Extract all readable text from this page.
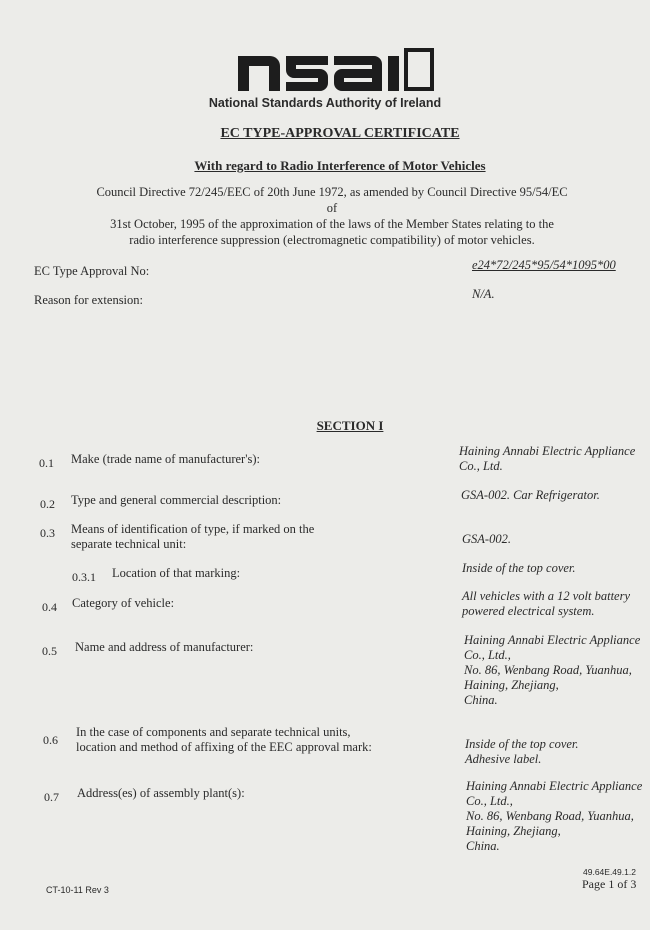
National Standards Authority of Ireland
EC TYPE-APPROVAL CERTIFICATE
With regard to Radio Interference of Motor Vehicles
Council Directive 72/245/EEC of 20th June 1972, as amended by Council Directive 95/54/EC of
31st October, 1995 of the approximation of the laws of the Member States relating to the
radio interference suppression (electromagnetic compatibility) of motor vehicles.
EC Type Approval No:	e24*72/245*95/54*1095*00
Reason for extension:	N/A.
SECTION I
0.1 Make (trade name of manufacturer's):
Haining Annabi Electric Appliance
Co., Ltd.
0.2 Type and general commercial description:	GSA-002. Car Refrigerator.
0.3 Means of identification of type, if marked on the
separate technical unit:	GSA-002.
0.3.1 Location of that marking:	Inside of the top cover.
0.4 Category of vehicle:	All vehicles with a 12 volt battery
powered electrical system.
0.5 Name and address of manufacturer:	Haining Annabi Electric Appliance
Co., Ltd.,
No. 86, Wenbang Road, Yuanhua,
Haining, Zhejiang,
China.
0.6
In the case of components and separate technical units,
location and method of affixing of the EEC approval mark:	Inside of the top cover.
Adhesive label.
0.7 Address(es) of assembly plant(s):	Haining Annabi Electric Appliance
Co., Ltd.,
No. 86, Wenbang Road, Yuanhua,
Haining, Zhejiang,
China.
CT-10-11 Rev 3
49.64E.49.1.2
Page 1 of 3
